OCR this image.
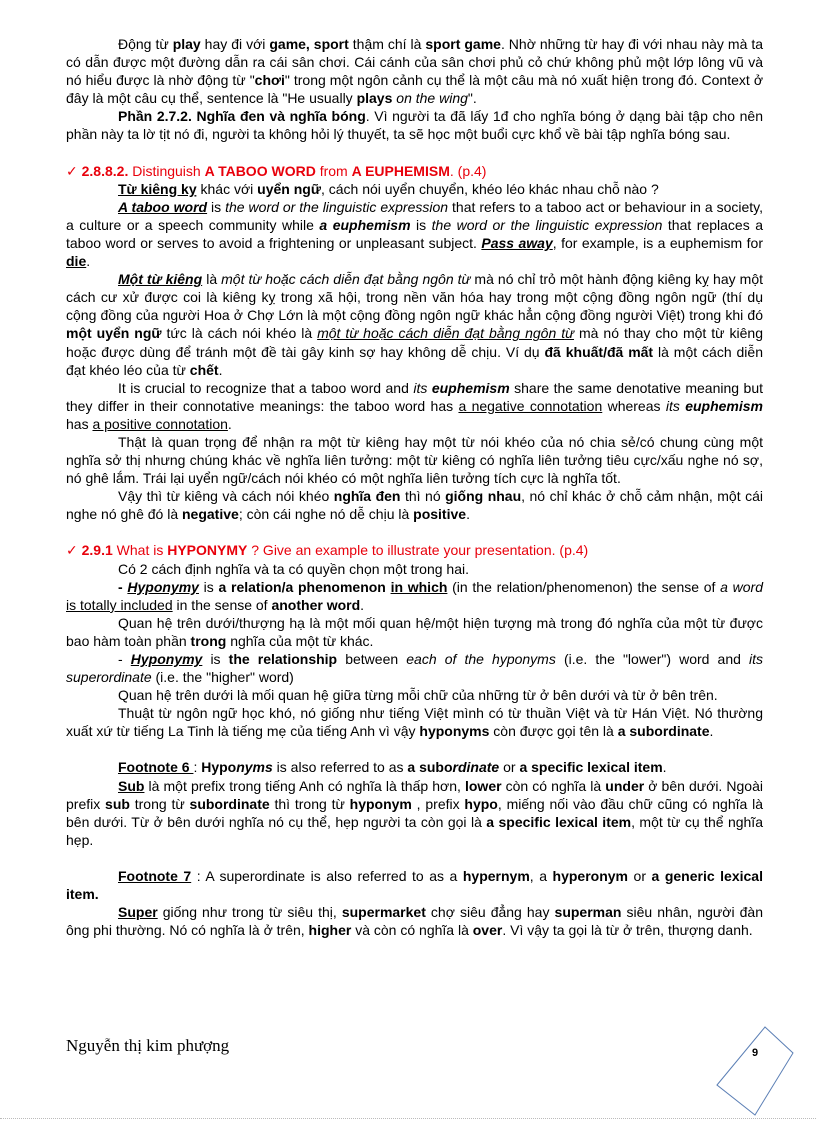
Động từ play hay đi với game, sport thậm chí là sport game. Nhờ những từ hay đi với nhau này mà ta có dẫn được một đường dẫn ra cái sân chơi. Cái cánh của sân chơi phủ cỏ chứ không phủ một lớp lông vũ và nó hiểu được là nhờ động từ "chơi" trong một ngôn cảnh cụ thể là một câu mà nó xuất hiện trong đó. Context ở đây là một câu cụ thể, sentence là "He usually plays on the wing".

Phần 2.7.2. Nghĩa đen và nghĩa bóng. Vì người ta đã lấy 1đ cho nghĩa bóng ở dạng bài tập cho nên phần này ta lờ tịt nó đi, người ta không hỏi lý thuyết, ta sẽ học một buổi cực khổ về bài tập nghĩa bóng sau.

✓ 2.8.8.2. Distinguish A TABOO WORD from A EUPHEMISM. (p.4)

Từ kiêng kỵ khác với uyển ngữ, cách nói uyển chuyển, khéo léo khác nhau chỗ nào ?

A taboo word is the word or the linguistic expression that refers to a taboo act or behaviour in a society, a culture or a speech community while a euphemism is the word or the linguistic expression that replaces a taboo word or serves to avoid a frightening or unpleasant subject. Pass away, for example, is a euphemism for die.

Một từ kiêng là một từ hoặc cách diễn đạt bằng ngôn từ mà nó chỉ trỏ một hành động kiêng kỵ hay một cách cư xử được coi là kiêng kỵ trong xã hội, trong nền văn hóa hay trong một cộng đồng ngôn ngữ (thí dụ cộng đồng của người Hoa ở Chợ Lớn là một cộng đồng ngôn ngữ khác hẳn cộng đồng người Việt) trong khi đó một uyển ngữ tức là cách nói khéo là một từ hoặc cách diễn đạt bằng ngôn từ mà nó thay cho một từ kiêng hoặc được dùng để tránh một đề tài gây kinh sợ hay không dễ chịu. Ví dụ đã khuất/đã mất là một cách diễn đạt khéo léo của từ chết.

It is crucial to recognize that a taboo word and its euphemism share the same denotative meaning but they differ in their connotative meanings: the taboo word has a negative connotation whereas its euphemism has a positive connotation.

Thật là quan trọng để nhận ra một từ kiêng hay một từ nói khéo của nó chia sẻ/có chung cùng một nghĩa sở thị nhưng chúng khác về nghĩa liên tưởng: một từ kiêng có nghĩa liên tưởng tiêu cực/xấu nghe nó sợ, nó ghê lắm. Trái lại uyển ngữ/cách nói khéo có một nghĩa liên tưởng tích cực là nghĩa tốt.

Vậy thì từ kiêng và cách nói khéo nghĩa đen thì nó giống nhau, nó chỉ khác ở chỗ cảm nhận, một cái nghe nó ghê đó là negative; còn cái nghe nó dễ chịu là positive.

✓ 2.9.1 What is HYPONYMY ? Give an example to illustrate your presentation. (p.4)

Có 2 cách định nghĩa và ta có quyền chọn một trong hai.

- Hyponymy is a relation/a phenomenon in which (in the relation/phenomenon) the sense of a word is totally included in the sense of another word.

Quan hệ trên dưới/thượng hạ là một mối quan hệ/một hiện tượng mà trong đó nghĩa của một từ được bao hàm toàn phần trong nghĩa của một từ khác.

- Hyponymy is the relationship between each of the hyponyms (i.e. the "lower") word and its superordinate (i.e. the "higher" word)

Quan hệ trên dưới là mối quan hệ giữa từng mỗi chữ của những từ ở bên dưới và từ ở bên trên.

Thuật từ ngôn ngữ học khó, nó giống như tiếng Việt mình có từ thuần Việt và từ Hán Việt. Nó thường xuất xứ từ tiếng La Tinh là tiếng mẹ của tiếng Anh vì vậy hyponyms còn được gọi tên là a subordinate.

Footnote 6 : Hyponyms is also referred to as a subordinate or a specific lexical item.

Sub là một prefix trong tiếng Anh có nghĩa là thấp hơn, lower còn có nghĩa là under ở bên dưới. Ngoài prefix sub trong từ subordinate thì trong từ hyponym , prefix hypo, miếng nối vào đầu chữ cũng có nghĩa là bên dưới. Từ ở bên dưới nghĩa nó cụ thể, hẹp người ta còn gọi là a specific lexical item, một từ cụ thể nghĩa hẹp.

Footnote 7 : A superordinate is also referred to as a hypernym, a hyperonym or a generic lexical item.

Super giống như trong từ siêu thị, supermarket chợ siêu đẳng hay superman siêu nhân, người đàn ông phi thường. Nó có nghĩa là ở trên, higher và còn có nghĩa là over. Vì vậy ta gọi là từ ở trên, thượng danh.

Nguyễn thị kim phượng	9
